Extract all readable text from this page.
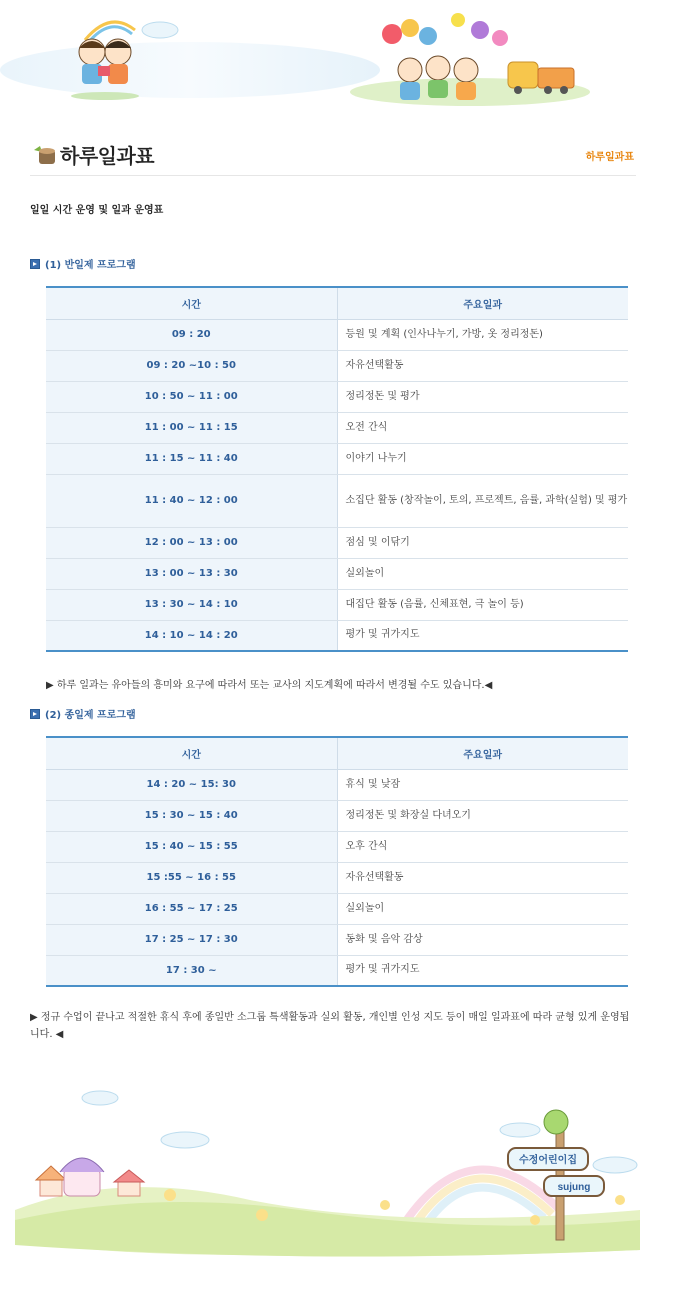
하루일과표	하루일과표
일일 시간 운영 및 일과 운영표
(1) 반일제 프로그램
시간	주요일과
09 : 20	등원 및 계획 (인사나누기, 가방, 옷 정리정돈)
09 : 20 ~10 : 50	자유선택활동
10 : 50 ~ 11 : 00	정리정돈 및 평가
11 : 00 ~ 11 : 15	오전 간식
11 : 15 ~ 11 : 40	이야기 나누기
11 : 40 ~ 12 : 00	소집단 활동 (창작놀이, 토의, 프로젝트, 음률, 과학(실험) 및 평가
12 : 00 ~ 13 : 00	점심 및 이닦기
13 : 00 ~ 13 : 30	실외놀이
13 : 30 ~ 14 : 10	대집단 활동 (음률, 신체표현, 극 놀이 등)
14 : 10 ~ 14 : 20	평가 및 귀가지도
▶ 하루 일과는 유아들의 흥미와 요구에 따라서 또는 교사의 지도계획에 따라서 변경될 수도 있습니다.◀
(2) 종일제 프로그램
시간	주요일과
14 : 20 ~ 15: 30	휴식 및 낮잠
15 : 30 ~ 15 : 40	정리정돈 및 화장실 다녀오기
15 : 40 ~ 15 : 55	오후 간식
15 :55 ~ 16 : 55	자유선택활동
16 : 55 ~ 17 : 25	실외놀이
17 : 25 ~ 17 : 30	동화 및 음악 감상
17 : 30 ~	평가 및 귀가지도
▶ 정규 수업이 끝나고 적절한 휴식 후에 종일반 소그룹 특색활동과 실외 활동, 개인별 인성 지도 등이 매일 일과표에 따라 균형 있게 운영됩니다. ◀
수정어린이집
sujung
